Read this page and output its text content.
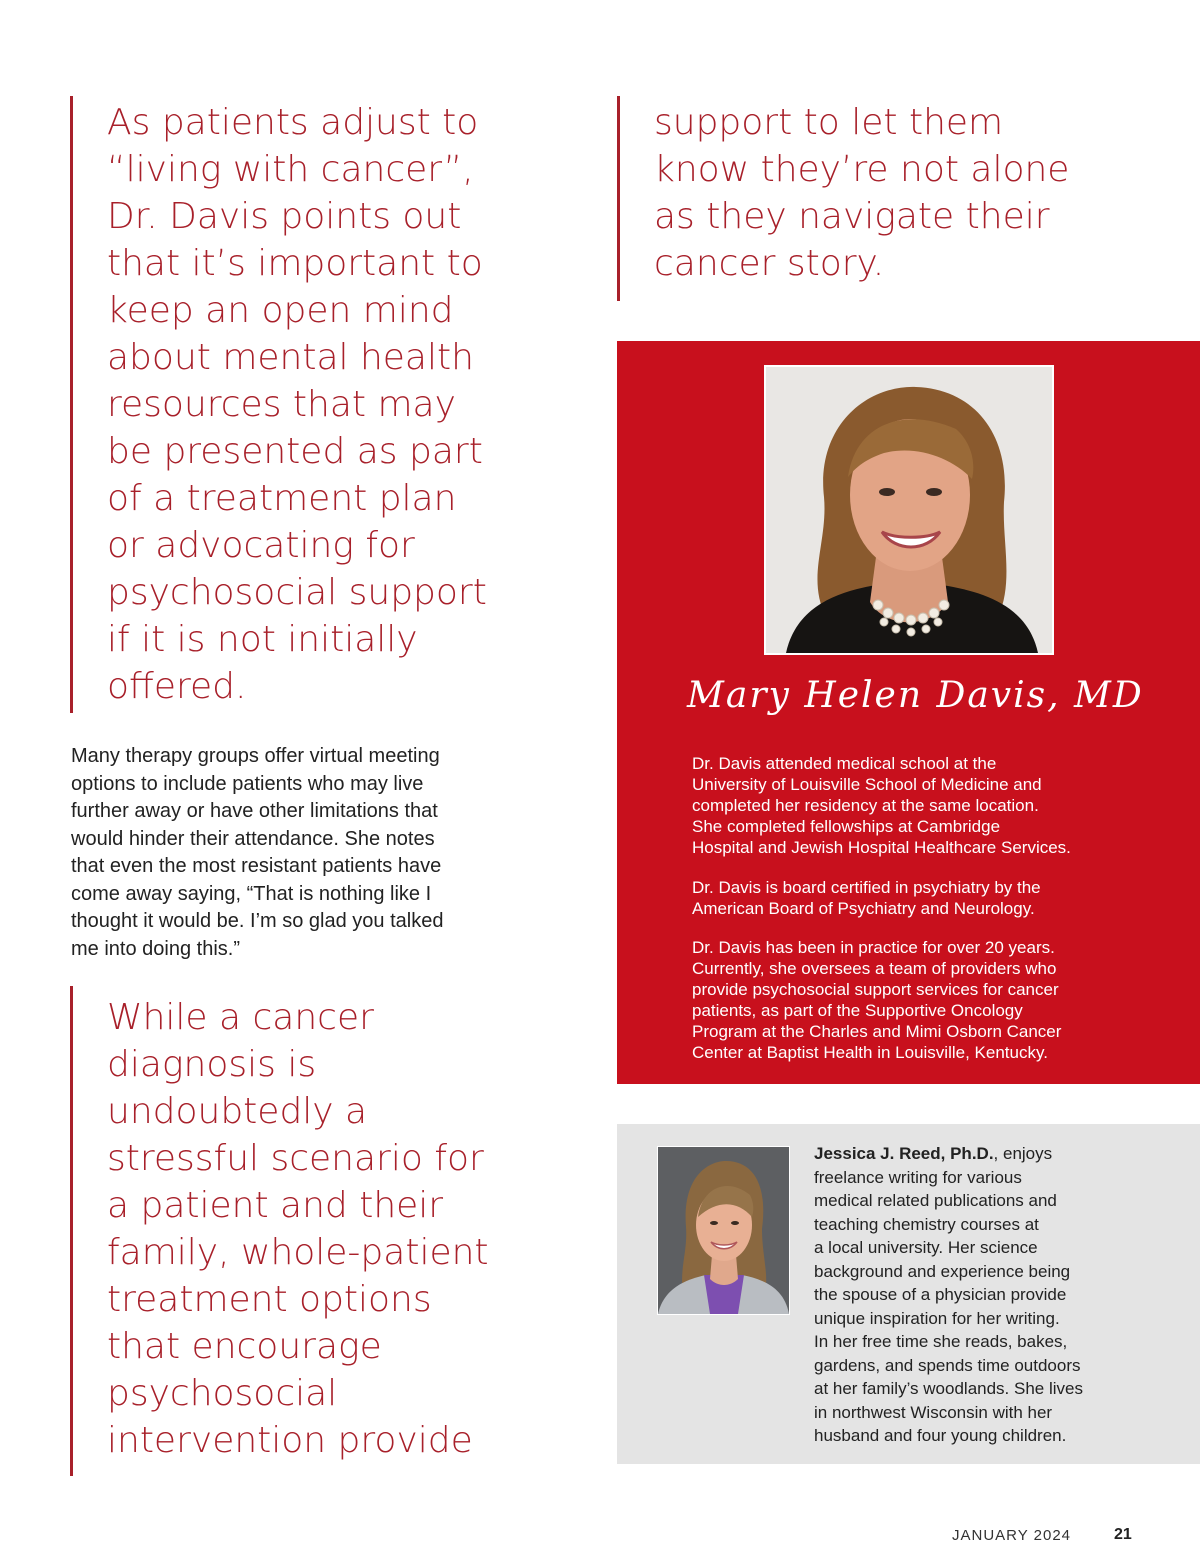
As patients adjust to
“living with cancer”,
Dr. Davis points out
that it’s important to
keep an open mind
about mental health
resources that may
be presented as part
of a treatment plan
or advocating for
psychosocial support
if it is not initially
offered.

support to let them
know they’re not alone
as they navigate their
cancer story.

Many therapy groups offer virtual meeting
options to include patients who may live
further away or have other limitations that
would hinder their attendance. She notes
that even the most resistant patients have
come away saying, “That is nothing like I
thought it would be. I’m so glad you talked
me into doing this.”

While a cancer
diagnosis is
undoubtedly a
stressful scenario for
a patient and their
family, whole-patient
treatment options
that encourage
psychosocial
intervention provide

Mary Helen Davis, MD

Dr. Davis attended medical school at the
University of Louisville School of Medicine and
completed her residency at the same location.
She completed fellowships at Cambridge
Hospital and Jewish Hospital Healthcare Services.

Dr. Davis is board certified in psychiatry by the
American Board of Psychiatry and Neurology.

Dr. Davis has been in practice for over 20 years.
Currently, she oversees a team of providers who
provide psychosocial support services for cancer
patients, as part of the Supportive Oncology
Program at the Charles and Mimi Osborn Cancer
Center at Baptist Health in Louisville, Kentucky.

Jessica J. Reed, Ph.D., enjoys
freelance writing for various
medical related publications and
teaching chemistry courses at
a local university. Her science
background and experience being
the spouse of a physician provide
unique inspiration for her writing.
In her free time she reads, bakes,
gardens, and spends time outdoors
at her family’s woodlands. She lives
in northwest Wisconsin with her
husband and four young children.

JANUARY 2024	21
